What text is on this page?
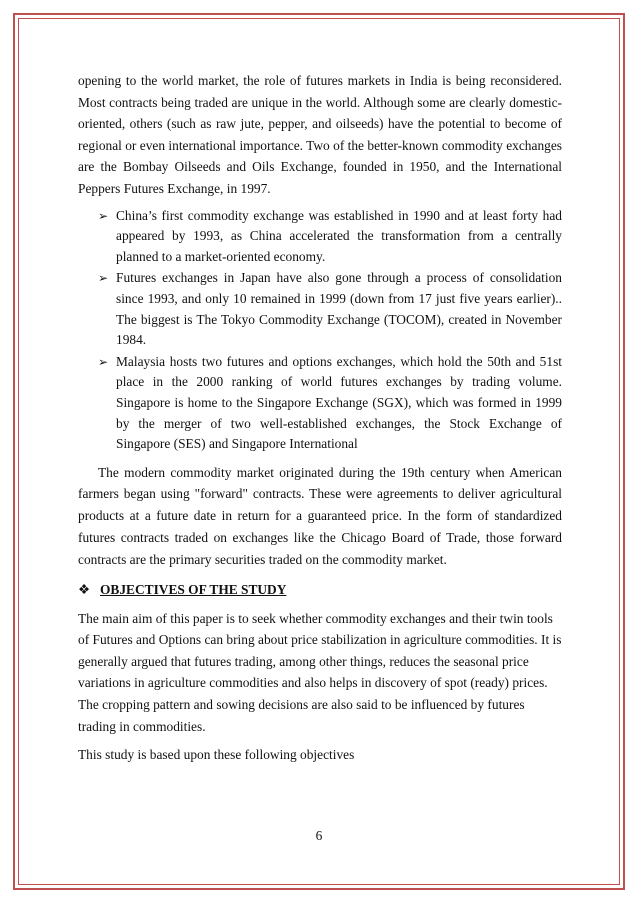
opening to the world market, the role of futures markets in India is being reconsidered. Most contracts being traded are unique in the world. Although some are clearly domestic-oriented, others (such as raw jute, pepper, and oilseeds) have the potential to become of regional or even international importance. Two of the better-known commodity exchanges are the Bombay Oilseeds and Oils Exchange, founded in 1950, and the International Peppers Futures Exchange, in 1997.

➢ China’s first commodity exchange was established in 1990 and at least forty had appeared by 1993, as China accelerated the transformation from a centrally planned to a market-oriented economy.
➢ Futures exchanges in Japan have also gone through a process of consolidation since 1993, and only 10 remained in 1999 (down from 17 just five years earlier).. The biggest is The Tokyo Commodity Exchange (TOCOM), created in November 1984.
➢ Malaysia hosts two futures and options exchanges, which hold the 50th and 51st place in the 2000 ranking of world futures exchanges by trading volume. Singapore is home to the Singapore Exchange (SGX), which was formed in 1999 by the merger of two well-established exchanges, the Stock Exchange of Singapore (SES) and Singapore International

The modern commodity market originated during the 19th century when American farmers began using "forward" contracts. These were agreements to deliver agricultural products at a future date in return for a guaranteed price. In the form of standardized futures contracts traded on exchanges like the Chicago Board of Trade, those forward contracts are the primary securities traded on the commodity market.

❖ OBJECTIVES OF THE STUDY

The main aim of this paper is to seek whether commodity exchanges and their twin tools of Futures and Options can bring about price stabilization in agriculture commodities. It is generally argued that futures trading, among other things, reduces the seasonal price variations in agriculture commodities and also helps in discovery of spot (ready) prices. The cropping pattern and sowing decisions are also said to be influenced by futures trading in commodities.

This study is based upon these following objectives

6
